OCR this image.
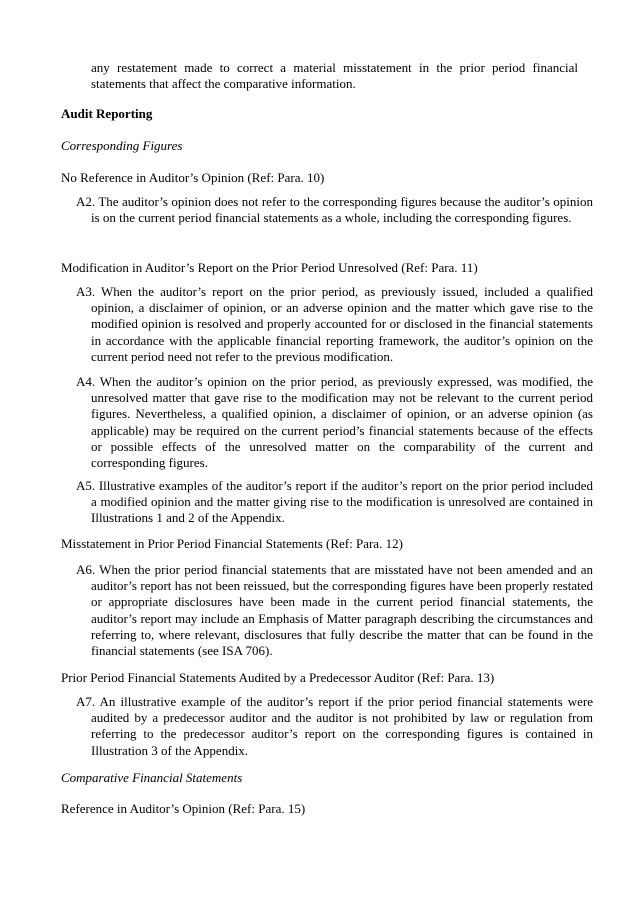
any restatement made to correct a material misstatement in the prior period financial statements that affect the comparative information.

Audit Reporting

Corresponding Figures

No Reference in Auditor’s Opinion (Ref: Para. 10)

A2. The auditor’s opinion does not refer to the corresponding figures because the auditor’s opinion is on the current period financial statements as a whole, including the corresponding figures.

Modification in Auditor’s Report on the Prior Period Unresolved (Ref: Para. 11)

A3. When the auditor’s report on the prior period, as previously issued, included a qualified opinion, a disclaimer of opinion, or an adverse opinion and the matter which gave rise to the modified opinion is resolved and properly accounted for or disclosed in the financial statements in accordance with the applicable financial reporting framework, the auditor’s opinion on the current period need not refer to the previous modification.

A4. When the auditor’s opinion on the prior period, as previously expressed, was modified, the unresolved matter that gave rise to the modification may not be relevant to the current period figures. Nevertheless, a qualified opinion, a disclaimer of opinion, or an adverse opinion (as applicable) may be required on the current period’s financial statements because of the effects or possible effects of the unresolved matter on the comparability of the current and corresponding figures.

A5. Illustrative examples of the auditor’s report if the auditor’s report on the prior period included a modified opinion and the matter giving rise to the modification is unresolved are contained in Illustrations 1 and 2 of the Appendix.

Misstatement in Prior Period Financial Statements (Ref: Para. 12)

A6. When the prior period financial statements that are misstated have not been amended and an auditor’s report has not been reissued, but the corresponding figures have been properly restated or appropriate disclosures have been made in the current period financial statements, the auditor’s report may include an Emphasis of Matter paragraph describing the circumstances and referring to, where relevant, disclosures that fully describe the matter that can be found in the financial statements (see ISA 706).

Prior Period Financial Statements Audited by a Predecessor Auditor (Ref: Para. 13)

A7. An illustrative example of the auditor’s report if the prior period financial statements were audited by a predecessor auditor and the auditor is not prohibited by law or regulation from referring to the predecessor auditor’s report on the corresponding figures is contained in Illustration 3 of the Appendix.

Comparative Financial Statements

Reference in Auditor’s Opinion (Ref: Para. 15)
